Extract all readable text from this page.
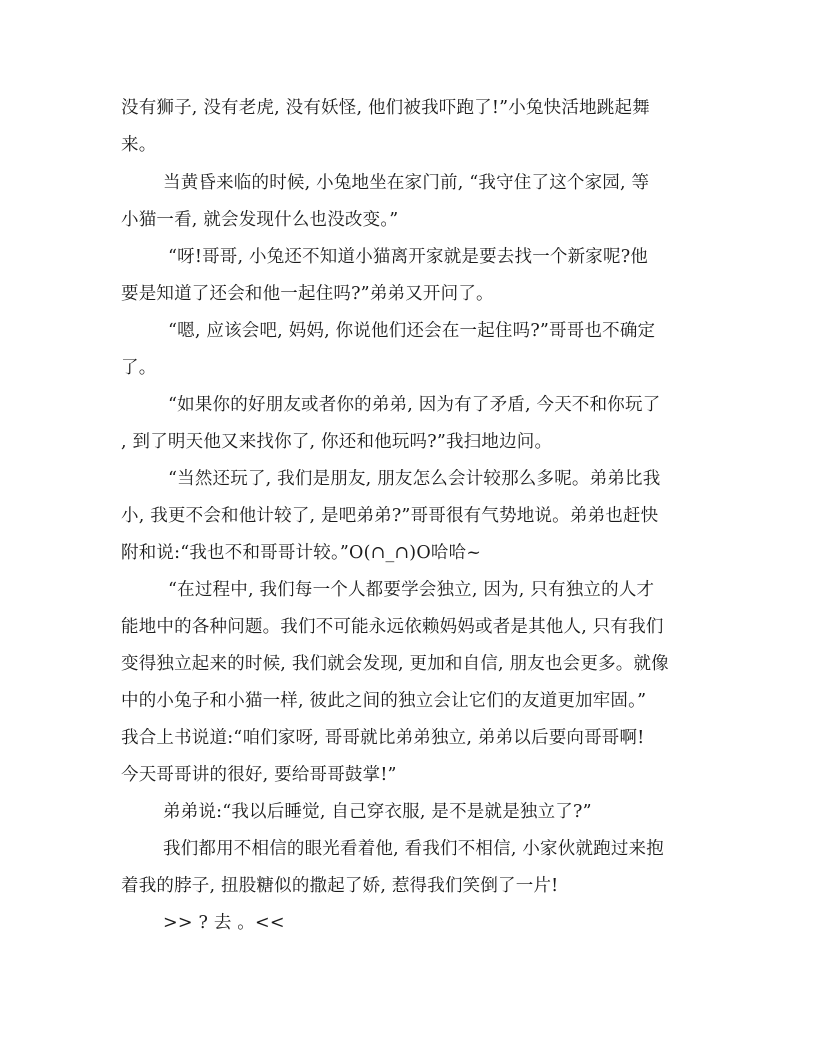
没有狮子, 没有老虎, 没有妖怪, 他们被我吓跑了!”小兔快活地跳起舞

来。

当黄昏来临的时候, 小兔地坐在家门前, “我守住了这个家园, 等

小猫一看, 就会发现什么也没改变。”

“呀!哥哥, 小兔还不知道小猫离开家就是要去找一个新家呢?他

要是知道了还会和他一起住吗?”弟弟又开问了。

“嗯, 应该会吧, 妈妈, 你说他们还会在一起住吗?”哥哥也不确定

了。

“如果你的好朋友或者你的弟弟, 因为有了矛盾, 今天不和你玩了

, 到了明天他又来找你了, 你还和他玩吗?”我扫地边问。

“当然还玩了, 我们是朋友, 朋友怎么会计较那么多呢。弟弟比我

小, 我更不会和他计较了, 是吧弟弟?”哥哥很有气势地说。弟弟也赶快

附和说:“我也不和哥哥计较。”O(∩_∩)O哈哈~

“在过程中, 我们每一个人都要学会独立, 因为, 只有独立的人才

能地中的各种问题。我们不可能永远依赖妈妈或者是其他人, 只有我们

变得独立起来的时候, 我们就会发现, 更加和自信, 朋友也会更多。就像

中的小兔子和小猫一样, 彼此之间的独立会让它们的友道更加牢固。”

我合上书说道:“咱们家呀, 哥哥就比弟弟独立, 弟弟以后要向哥哥啊!

今天哥哥讲的很好, 要给哥哥鼓掌!”

弟弟说:“我以后睡觉, 自己穿衣服, 是不是就是独立了?”

我们都用不相信的眼光看着他, 看我们不相信, 小家伙就跑过来抱

着我的脖子, 扭股糖似的撒起了娇, 惹得我们笑倒了一片!

>> ? 去 。<<
